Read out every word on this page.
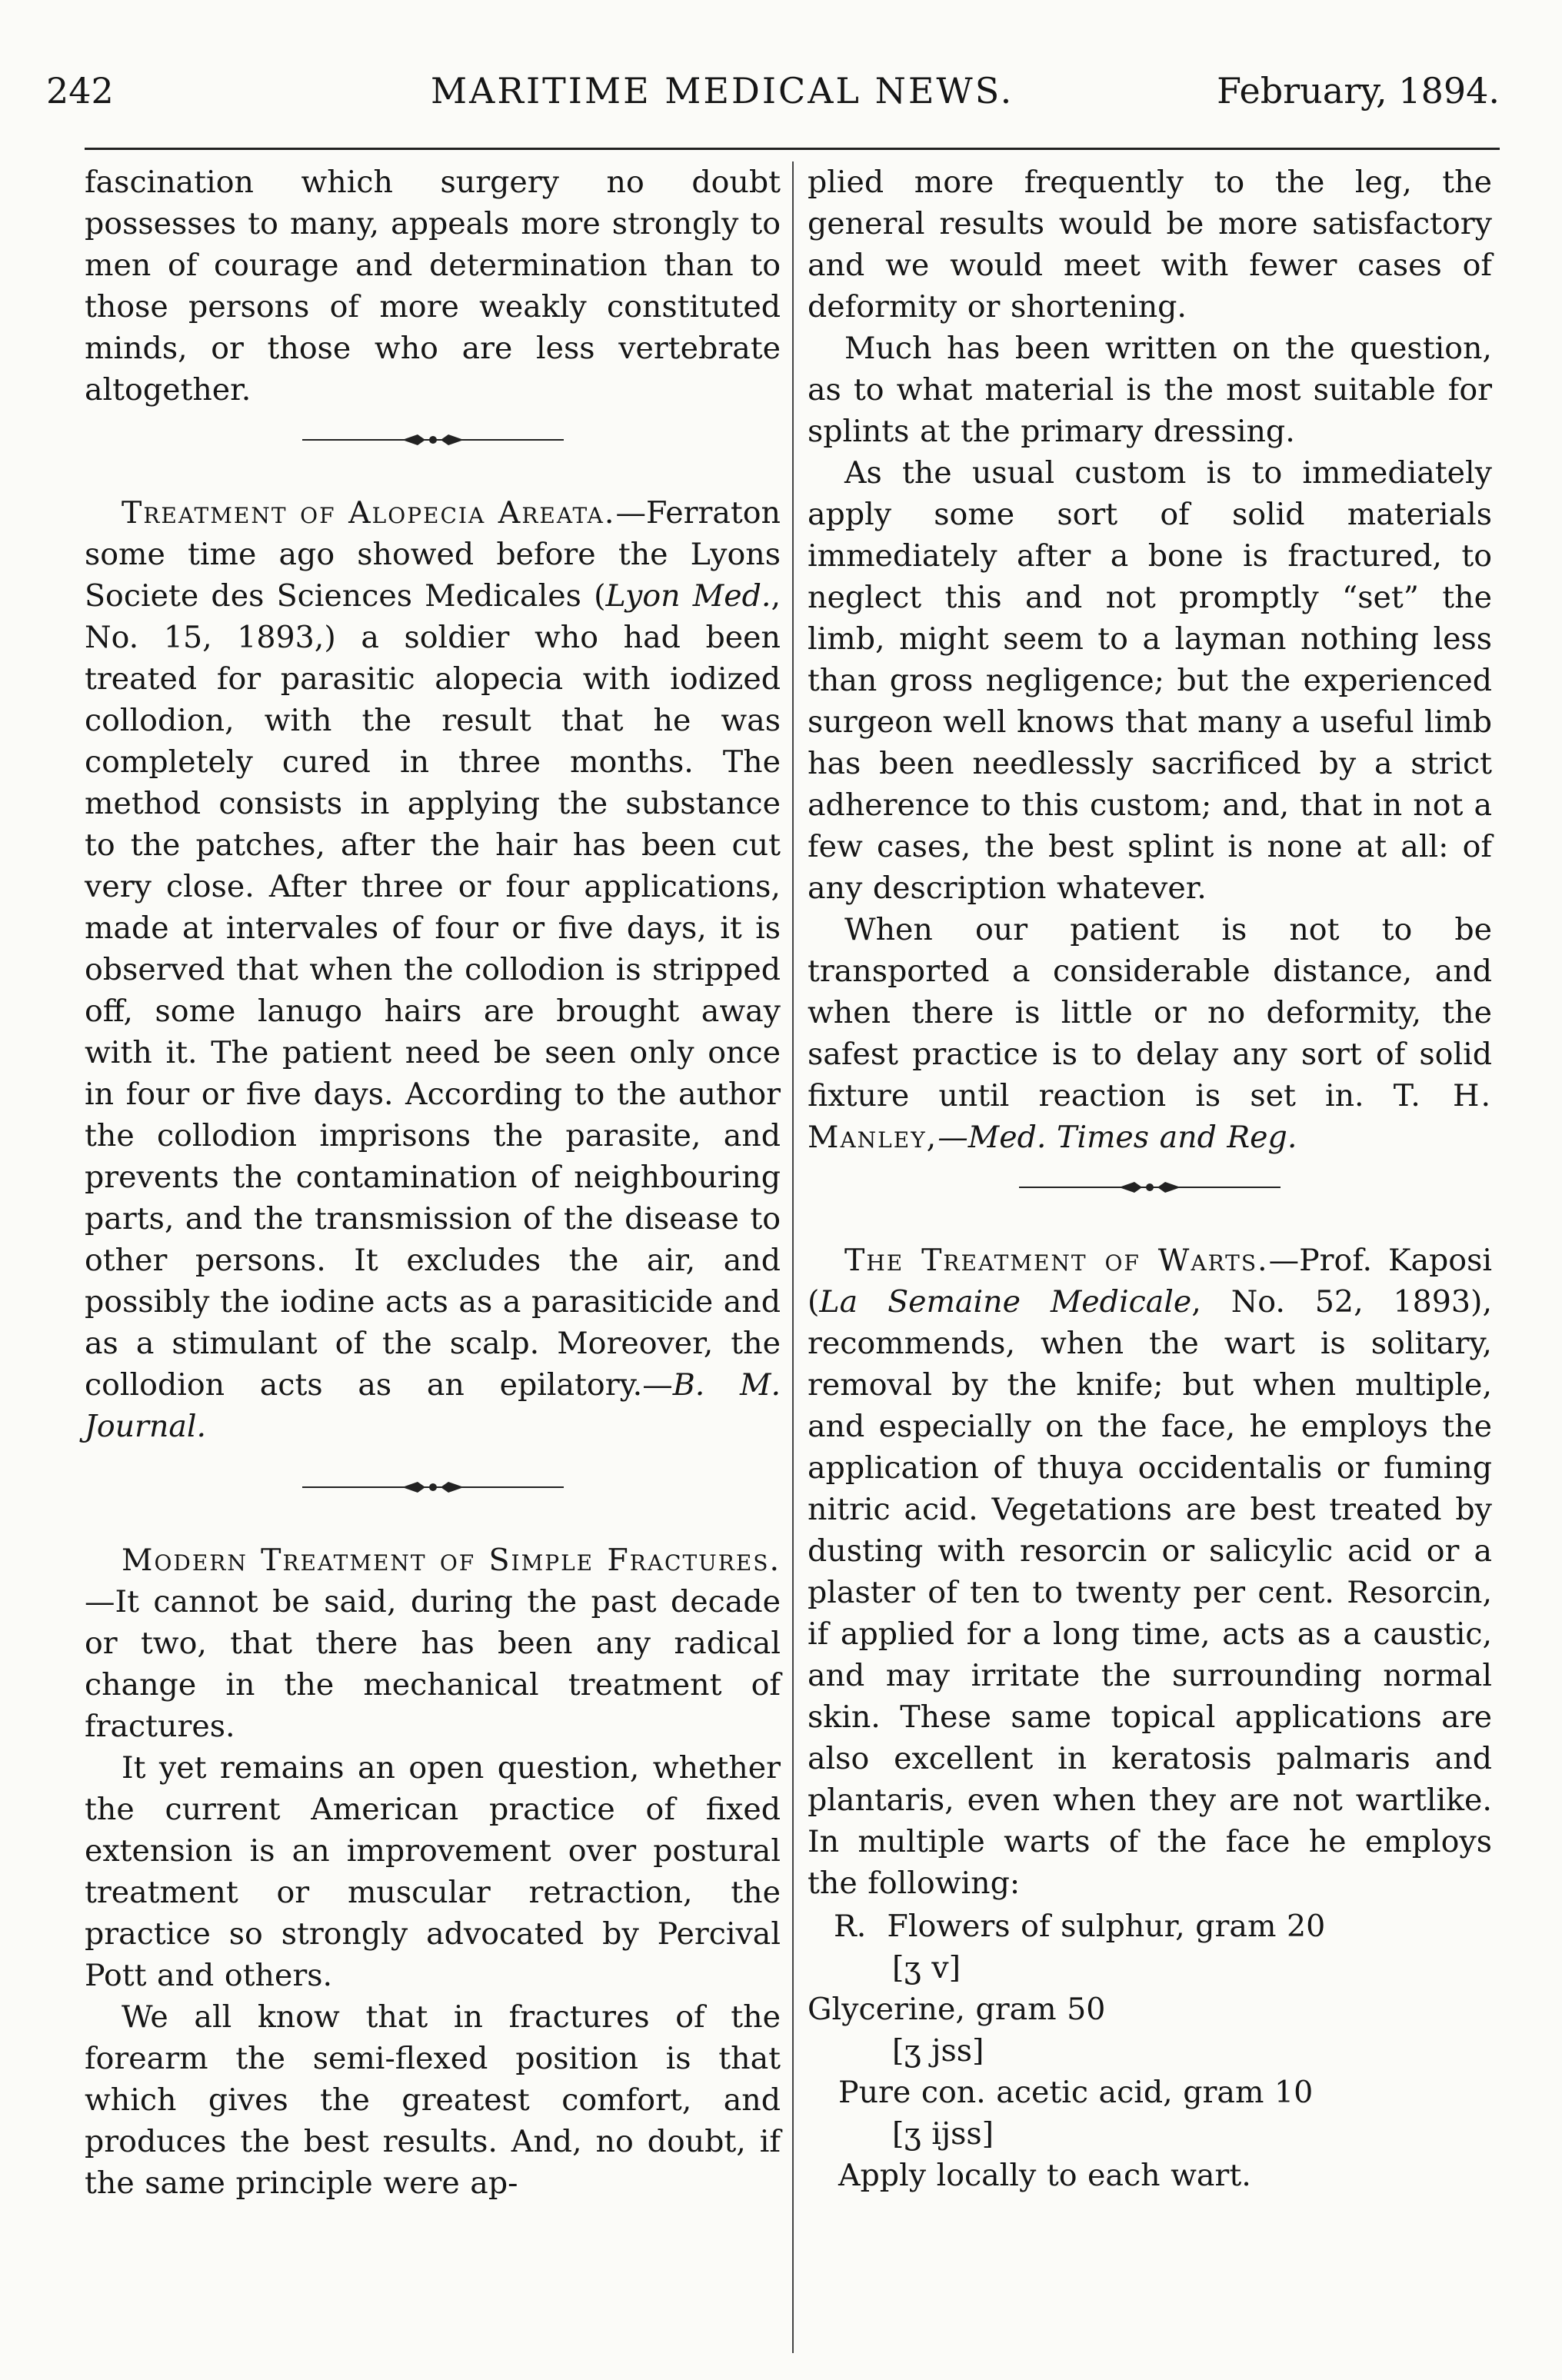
242	MARITIME MEDICAL NEWS.	February, 1894.

fascination which surgery no doubt possesses to many, appeals more strongly to men of courage and determination than to those persons of more weakly constituted minds, or those who are less vertebrate altogether.

Treatment of Alopecia Areata.—Ferraton some time ago showed before the Lyons Societe des Sciences Medicales (Lyon Med., No. 15, 1893,) a soldier who had been treated for parasitic alopecia with iodized collodion, with the result that he was completely cured in three months. The method consists in applying the substance to the patches, after the hair has been cut very close. After three or four applications, made at intervales of four or five days, it is observed that when the collodion is stripped off, some lanugo hairs are brought away with it. The patient need be seen only once in four or five days. According to the author the collodion imprisons the parasite, and prevents the contamination of neighbouring parts, and the transmission of the disease to other persons. It excludes the air, and possibly the iodine acts as a parasiticide and as a stimulant of the scalp. Moreover, the collodion acts as an epilatory.—B. M. Journal.

Modern Treatment of Simple Fractures.—It cannot be said, during the past decade or two, that there has been any radical change in the mechanical treatment of fractures.

It yet remains an open question, whether the current American practice of fixed extension is an improvement over postural treatment or muscular retraction, the practice so strongly advocated by Percival Pott and others.

We all know that in fractures of the forearm the semi-flexed position is that which gives the greatest comfort, and produces the best results. And, no doubt, if the same principle were ap-

plied more frequently to the leg, the general results would be more satisfactory and we would meet with fewer cases of deformity or shortening.

Much has been written on the question, as to what material is the most suitable for splints at the primary dressing.

As the usual custom is to immediately apply some sort of solid materials immediately after a bone is fractured, to neglect this and not promptly “set” the limb, might seem to a layman nothing less than gross negligence; but the experienced surgeon well knows that many a useful limb has been needlessly sacrificed by a strict adherence to this custom; and, that in not a few cases, the best splint is none at all: of any description whatever.

When our patient is not to be transported a considerable distance, and when there is little or no deformity, the safest practice is to delay any sort of solid fixture until reaction is set in. T. H. Manley,—Med. Times and Reg.

The Treatment of Warts.—Prof. Kaposi (La Semaine Medicale, No. 52, 1893), recommends, when the wart is solitary, removal by the knife; but when multiple, and especially on the face, he employs the application of thuya occidentalis or fuming nitric acid. Vegetations are best treated by dusting with resorcin or salicylic acid or a plaster of ten to twenty per cent. Resorcin, if applied for a long time, acts as a caustic, and may irritate the surrounding normal skin. These same topical applications are also excellent in keratosis palmaris and plantaris, even when they are not wartlike. In multiple warts of the face he employs the following:

R. Flowers of sulphur, gram 20
[ʒ v]
Glycerine, gram 50
[ʒ jss]
Pure con. acetic acid, gram 10
[ʒ ijss]
Apply locally to each wart.
